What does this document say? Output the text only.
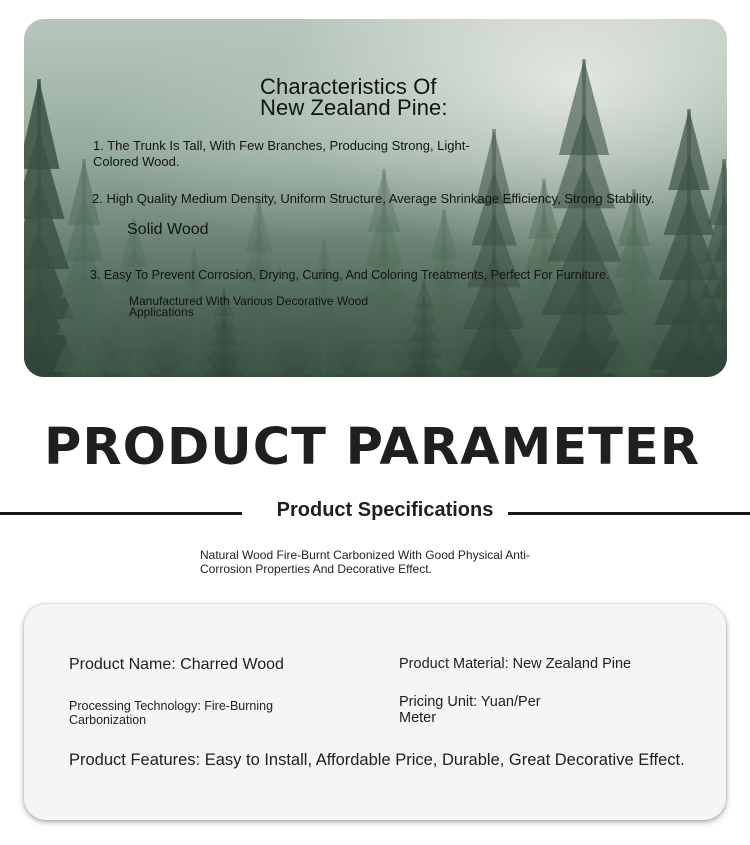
Characteristics Of
New Zealand Pine:
1. The Trunk Is Tall, With Few Branches, Producing Strong, Light-Colored Wood.
2. High Quality Medium Density, Uniform Structure, Average Shrinkage Efficiency, Strong Stability.
Solid Wood
3. Easy To Prevent Corrosion, Drying, Curing, And Coloring Treatments, Perfect For Furniture.
Manufactured With Various Decorative Wood Applications
PRODUCT PARAMETER
Product Specifications
Natural Wood Fire-Burnt Carbonized With Good Physical Anti-Corrosion Properties And Decorative Effect.
Product Name: Charred Wood	Product Material: New Zealand Pine
Processing Technology: Fire-Burning Carbonization
Pricing Unit: Yuan/Per Meter
Product Features: Easy to Install, Affordable Price, Durable, Great Decorative Effect.
